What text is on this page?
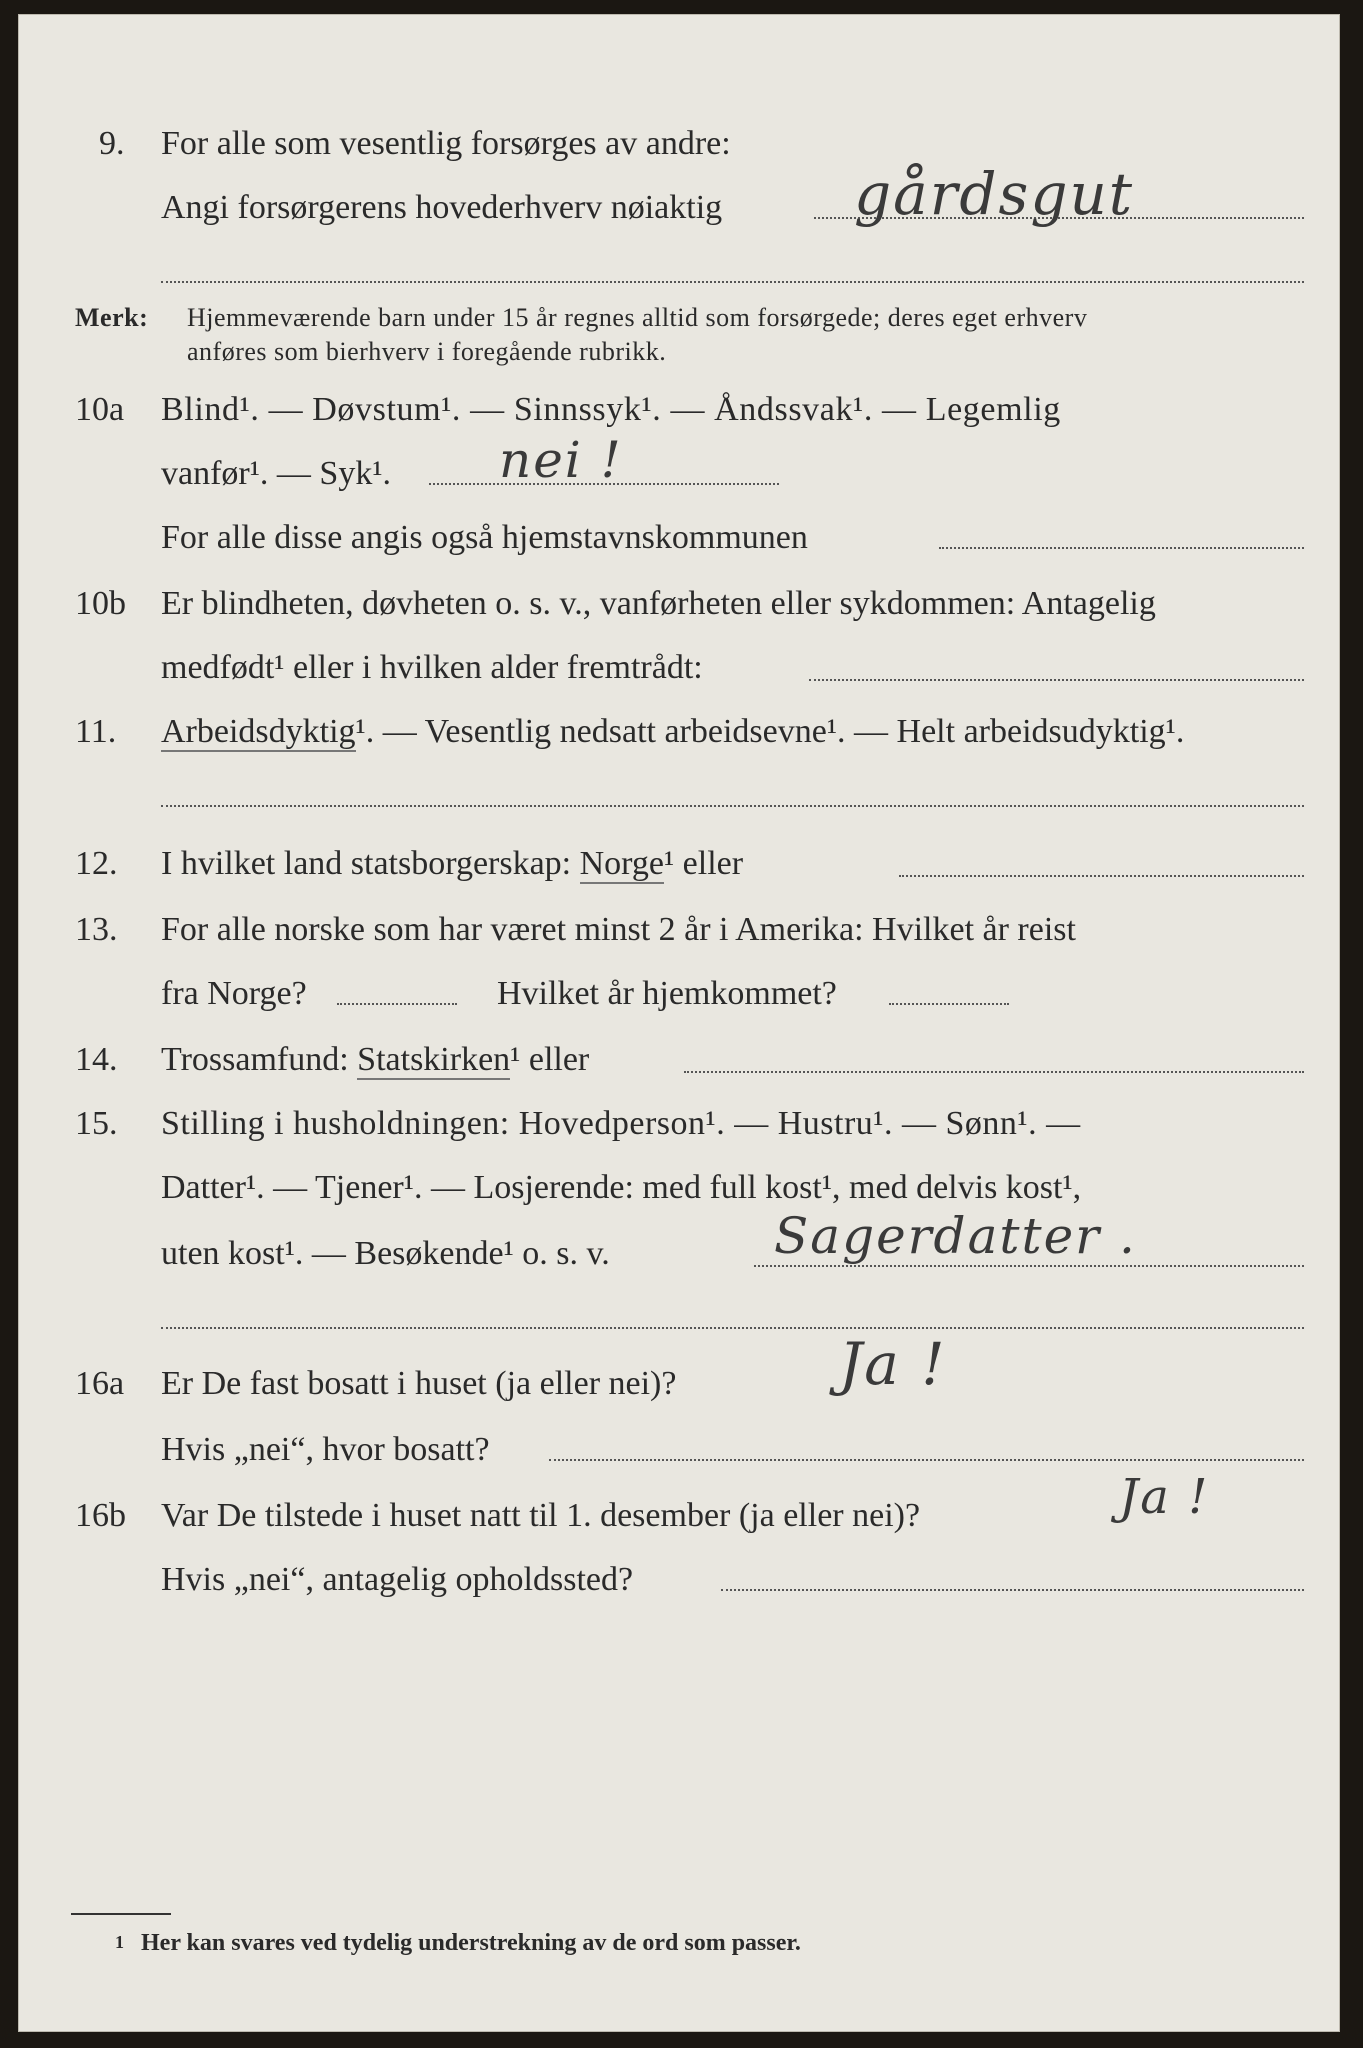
9. For alle som vesentlig forsørges av andre:
Angi forsørgerens hovederhverv nøiaktig gårdsgut
Merk: Hjemmeværende barn under 15 år regnes alltid som forsørgede; deres eget erhverv
anføres som bierhverv i foregående rubrikk.
10a Blind¹. — Døvstum¹. — Sinnssyk¹. — Åndssvak¹. — Legemlig
vanfør¹. — Syk¹. nei !
For alle disse angis også hjemstavnskommunen
10b Er blindheten, døvheten o. s. v., vanførheten eller sykdommen: Antagelig
medfødt¹ eller i hvilken alder fremtrådt:
11. Arbeidsdyktig¹. — Vesentlig nedsatt arbeidsevne¹. — Helt arbeidsudyktig¹.
12. I hvilket land statsborgerskap: Norge¹ eller
13. For alle norske som har været minst 2 år i Amerika: Hvilket år reist
fra Norge?	Hvilket år hjemkommet?
14. Trossamfund: Statskirken¹ eller
15. Stilling i husholdningen: Hovedperson¹. — Hustru¹. — Sønn¹. —
Datter¹. — Tjener¹. — Losjerende: med full kost¹, med delvis kost¹,
uten kost¹. — Besøkende¹ o. s. v.	Sagerdatter .
16a Er De fast bosatt i huset (ja eller nei)?	Ja !
Hvis „nei“, hvor bosatt?
16b Var De tilstede i huset natt til 1. desember (ja eller nei)?	Ja !
Hvis „nei“, antagelig opholdssted?
1 Her kan svares ved tydelig understrekning av de ord som passer.
